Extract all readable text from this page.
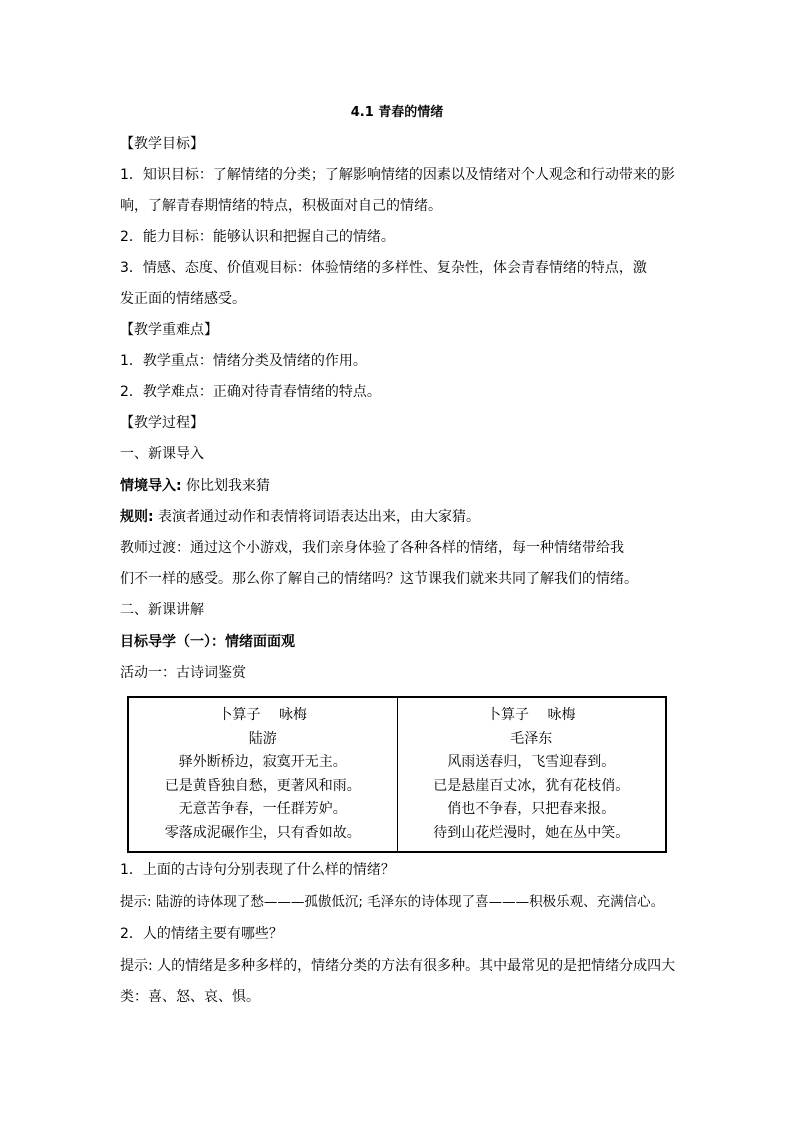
4.1 青春的情绪
【教学目标】
1．知识目标：了解情绪的分类；了解影响情绪的因素以及情绪对个人观念和行动带来的影
响，了解青春期情绪的特点，积极面对自己的情绪。
2．能力目标：能够认识和把握自己的情绪。
3．情感、态度、价值观目标：体验情绪的多样性、复杂性，体会青春情绪的特点，激
发正面的情绪感受。
【教学重难点】
1．教学重点：情绪分类及情绪的作用。
2．教学难点：正确对待青春情绪的特点。
【教学过程】
一、新课导入
情境导入: 你比划我来猜
规则: 表演者通过动作和表情将词语表达出来，由大家猜。
教师过渡：通过这个小游戏，我们亲身体验了各种各样的情绪，每一种情绪带给我
们不一样的感受。那么你了解自己的情绪吗？这节课我们就来共同了解我们的情绪。
二、新课讲解
目标导学（一）：情绪面面观
活动一：古诗词鉴赏
卜算子　 咏梅
陆游
驿外断桥边，寂寞开无主。
已是黄昏独自愁，更著风和雨。
无意苦争春，一任群芳妒。
零落成泥碾作尘，只有香如故。

卜算子　 咏梅
毛泽东
风雨送春归，飞雪迎春到。
已是悬崖百丈冰，犹有花枝俏。
俏也不争春，只把春来报。
待到山花烂漫时，她在丛中笑。
1．上面的古诗句分别表现了什么样的情绪？
提示: 陆游的诗体现了愁———孤傲低沉; 毛泽东的诗体现了喜———积极乐观、充满信心。
2．人的情绪主要有哪些？
提示: 人的情绪是多种多样的，情绪分类的方法有很多种。其中最常见的是把情绪分成四大
类：喜、怒、哀、惧。
